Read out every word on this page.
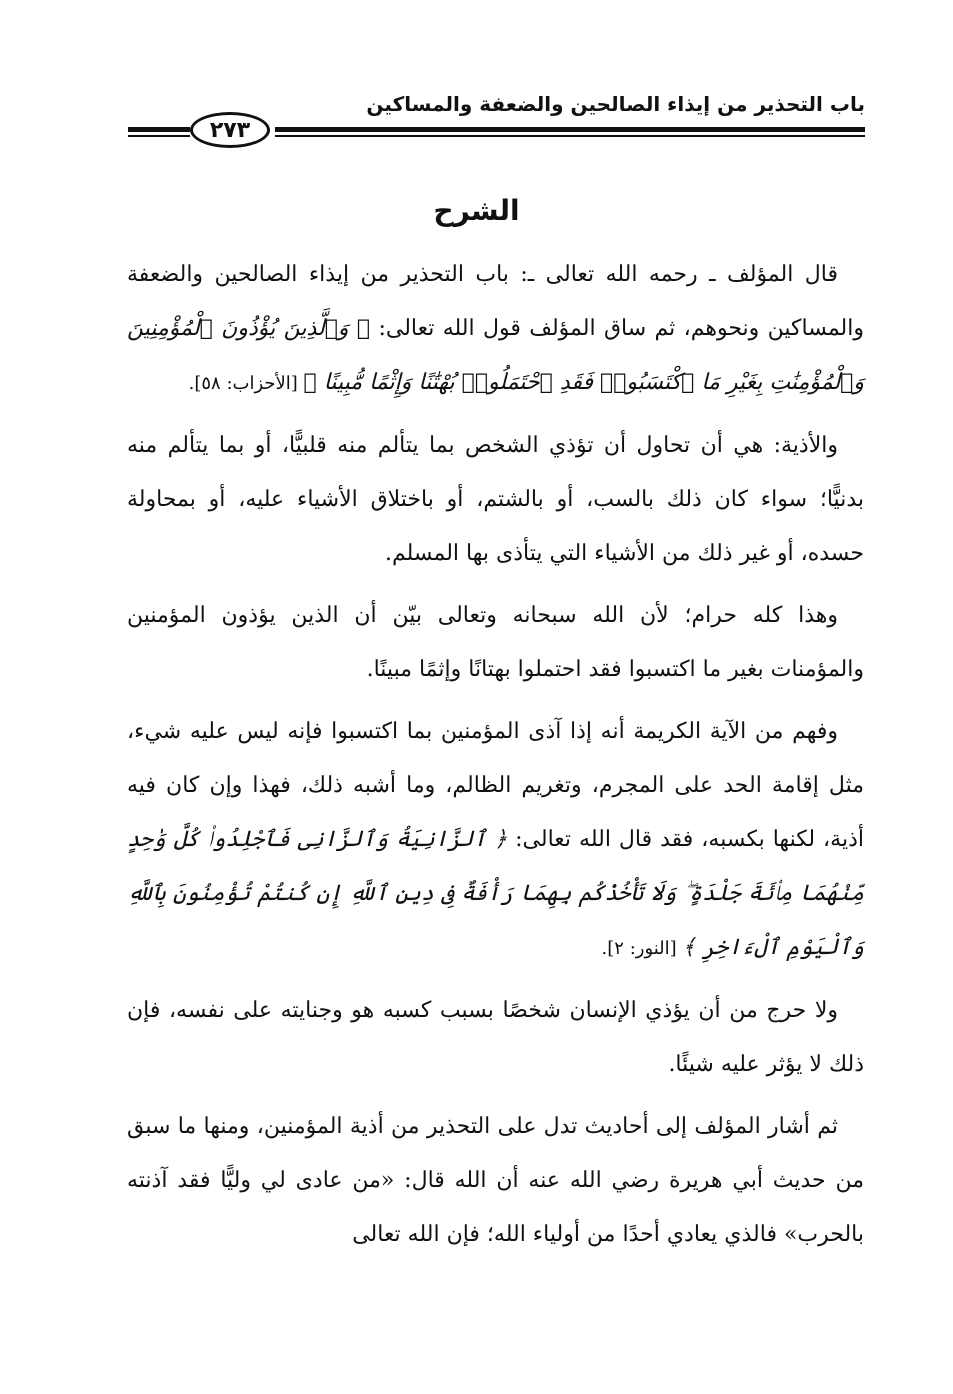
باب التحذير من إيذاء الصالحين والضعفة والمساكين
٢٧٣
الشرح

قال المؤلف ـ رحمه الله تعالى ـ: باب التحذير من إيذاء الصالحين والضعفة والمساكين ونحوهم، ثم ساق المؤلف قول الله تعالى: ﴿ وَٱلَّذِينَ يُؤْذُونَ ٱلْمُؤْمِنِينَ وَٱلْمُؤْمِنَٰتِ بِغَيْرِ مَا ٱكْتَسَبُوا۟ فَقَدِ ٱحْتَمَلُوا۟ بُهْتَٰنًا وَإِثْمًا مُّبِينًا ﴾ [الأحزاب: ٥٨].

والأذية: هي أن تحاول أن تؤذي الشخص بما يتألم منه قلبيًّا، أو بما يتألم منه بدنيًّا؛ سواء كان ذلك بالسب، أو بالشتم، أو باختلاق الأشياء عليه، أو بمحاولة حسده، أو غير ذلك من الأشياء التي يتأذى بها المسلم.

وهذا كله حرام؛ لأن الله سبحانه وتعالى بيّن أن الذين يؤذون المؤمنين والمؤمنات بغير ما اكتسبوا فقد احتملوا بهتانًا وإثمًا مبينًا.

وفهم من الآية الكريمة أنه إذا آذى المؤمنين بما اكتسبوا فإنه ليس عليه شيء، مثل إقامة الحد على المجرم، وتغريم الظالم، وما أشبه ذلك، فهذا وإن كان فيه أذية، لكنها بكسبه، فقد قال الله تعالى: ﴿ ٱلزَّانِيَةُ وَٱلزَّانِى فَٱجْلِدُوا۟ كُلَّ وَٰحِدٍ مِّنْهُمَا مِا۟ئَةَ جَلْدَةٍ ۖ وَلَا تَأْخُذْكُم بِهِمَا رَأْفَةٌ فِى دِينِ ٱللَّهِ إِن كُنتُمْ تُؤْمِنُونَ بِٱللَّهِ وَٱلْيَوْمِ ٱلْءَاخِرِ ﴾ [النور: ٢].

ولا حرج من أن يؤذي الإنسان شخصًا بسبب كسبه هو وجنايته على نفسه، فإن ذلك لا يؤثر عليه شيئًا.

ثم أشار المؤلف إلى أحاديث تدل على التحذير من أذية المؤمنين، ومنها ما سبق من حديث أبي هريرة رضي الله عنه أن الله قال: «من عادى لي وليًّا فقد آذنته بالحرب» فالذي يعادي أحدًا من أولياء الله؛ فإن الله تعالى
